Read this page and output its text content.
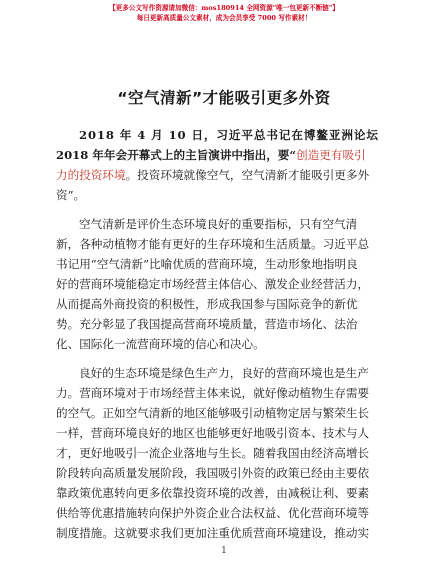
【更多公文写作资源请加微信：mos180914 全网资源"唯一包更新不断链"】
每日更新高质量公文素材，成为会员享受 7000 写作素材！
“空气清新”才能吸引更多外资
2018 年 4 月 10 日，习近平总书记在博鳌亚洲论坛
2018 年年会开幕式上的主旨演讲中指出，要“创造更有吸引
力的投资环境。投资环境就像空气，空气清新才能吸引更多外
资”。
空气清新是评价生态环境良好的重要指标，只有空气清
新，各种动植物才能有更好的生存环境和生活质量。习近平总
书记用“空气清新”比喻优质的营商环境，生动形象地指明良
好的营商环境能稳定市场经营主体信心、激发企业经营活力，
从而提高外商投资的积极性，形成我国参与国际竞争的新优
势。充分彰显了我国提高营商环境质量，营造市场化、法治
化、国际化一流营商环境的信心和决心。
良好的生态环境是绿色生产力，良好的营商环境也是生产
力。营商环境对于市场经营主体来说，就好像动植物生存需要
的空气。正如空气清新的地区能够吸引动植物定居与繁荣生长
一样，营商环境良好的地区也能够更好地吸引资本、技术与人
才，更好地吸引一流企业落地与生长。随着我国由经济高增长
阶段转向高质量发展阶段，我国吸引外资的政策已经由主要依
靠政策优惠转向更多依靠投资环境的改善，由减税让利、要素
供给等优惠措施转向保护外资企业合法权益、优化营商环境等
制度措施。这就要求我们更加注重优质营商环境建设，推动实
1
